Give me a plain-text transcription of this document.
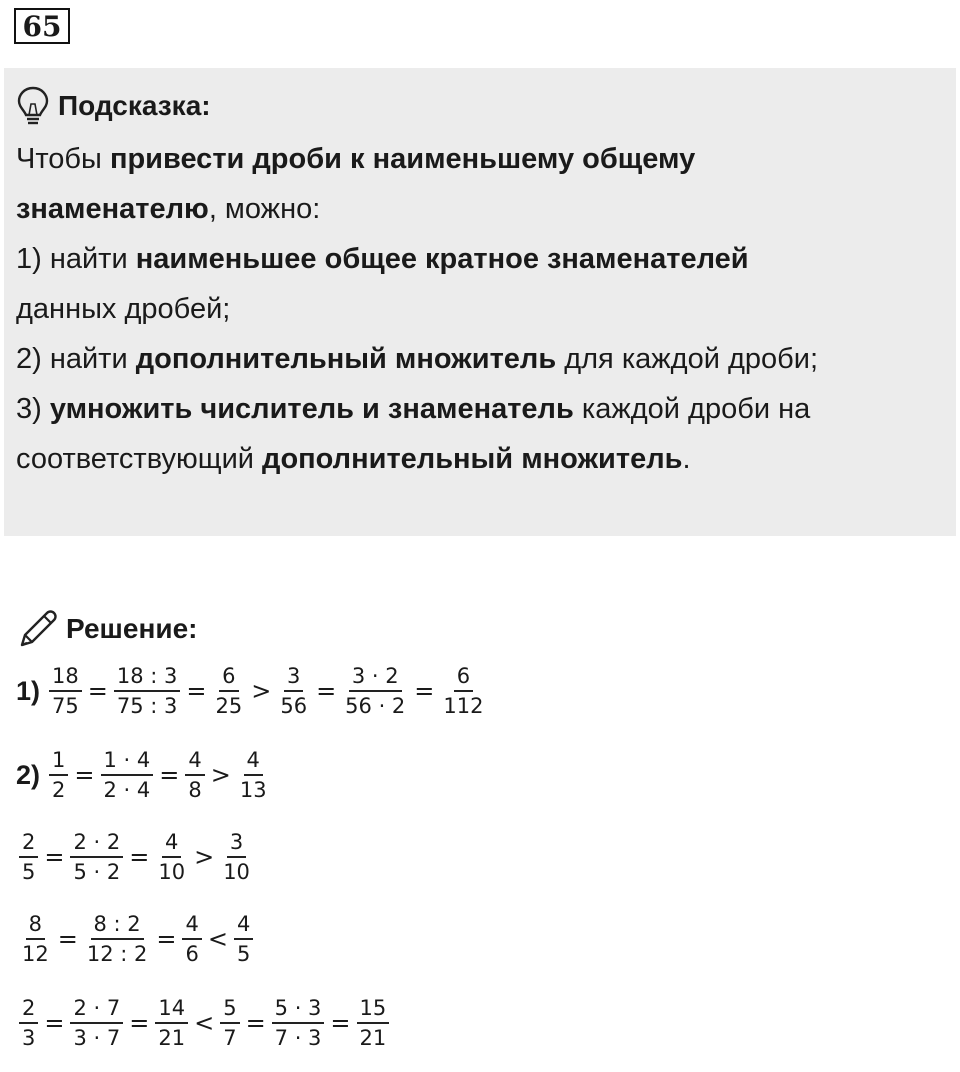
65
Подсказка:
Чтобы привести дроби к наименьшему общему
знаменателю, можно:
1) найти наименьшее общее кратное знаменателей
данных дробей;
2) найти дополнительный множитель для каждой дроби;
3) умножить числитель и знаменатель каждой дроби на
соответствующий дополнительный множитель.
Решение:
$1) \frac{18}{75} = \frac{18 : 3}{75 : 3} = \frac{6}{25} > \frac{3}{56} = \frac{3 \cdot 2}{56 \cdot 2} = \frac{6}{112}$
$2) \frac{1}{2} = \frac{1 \cdot 4}{2 \cdot 4} = \frac{4}{8} > \frac{4}{13}$
$\frac{2}{5} = \frac{2 \cdot 2}{5 \cdot 2} = \frac{4}{10} > \frac{3}{10}$
$\frac{8}{12} = \frac{8 : 2}{12 : 2} = \frac{4}{6} < \frac{4}{5}$
$\frac{2}{3} = \frac{2 \cdot 7}{3 \cdot 7} = \frac{14}{21} < \frac{5}{7} = \frac{5 \cdot 3}{7 \cdot 3} = \frac{15}{21}$
